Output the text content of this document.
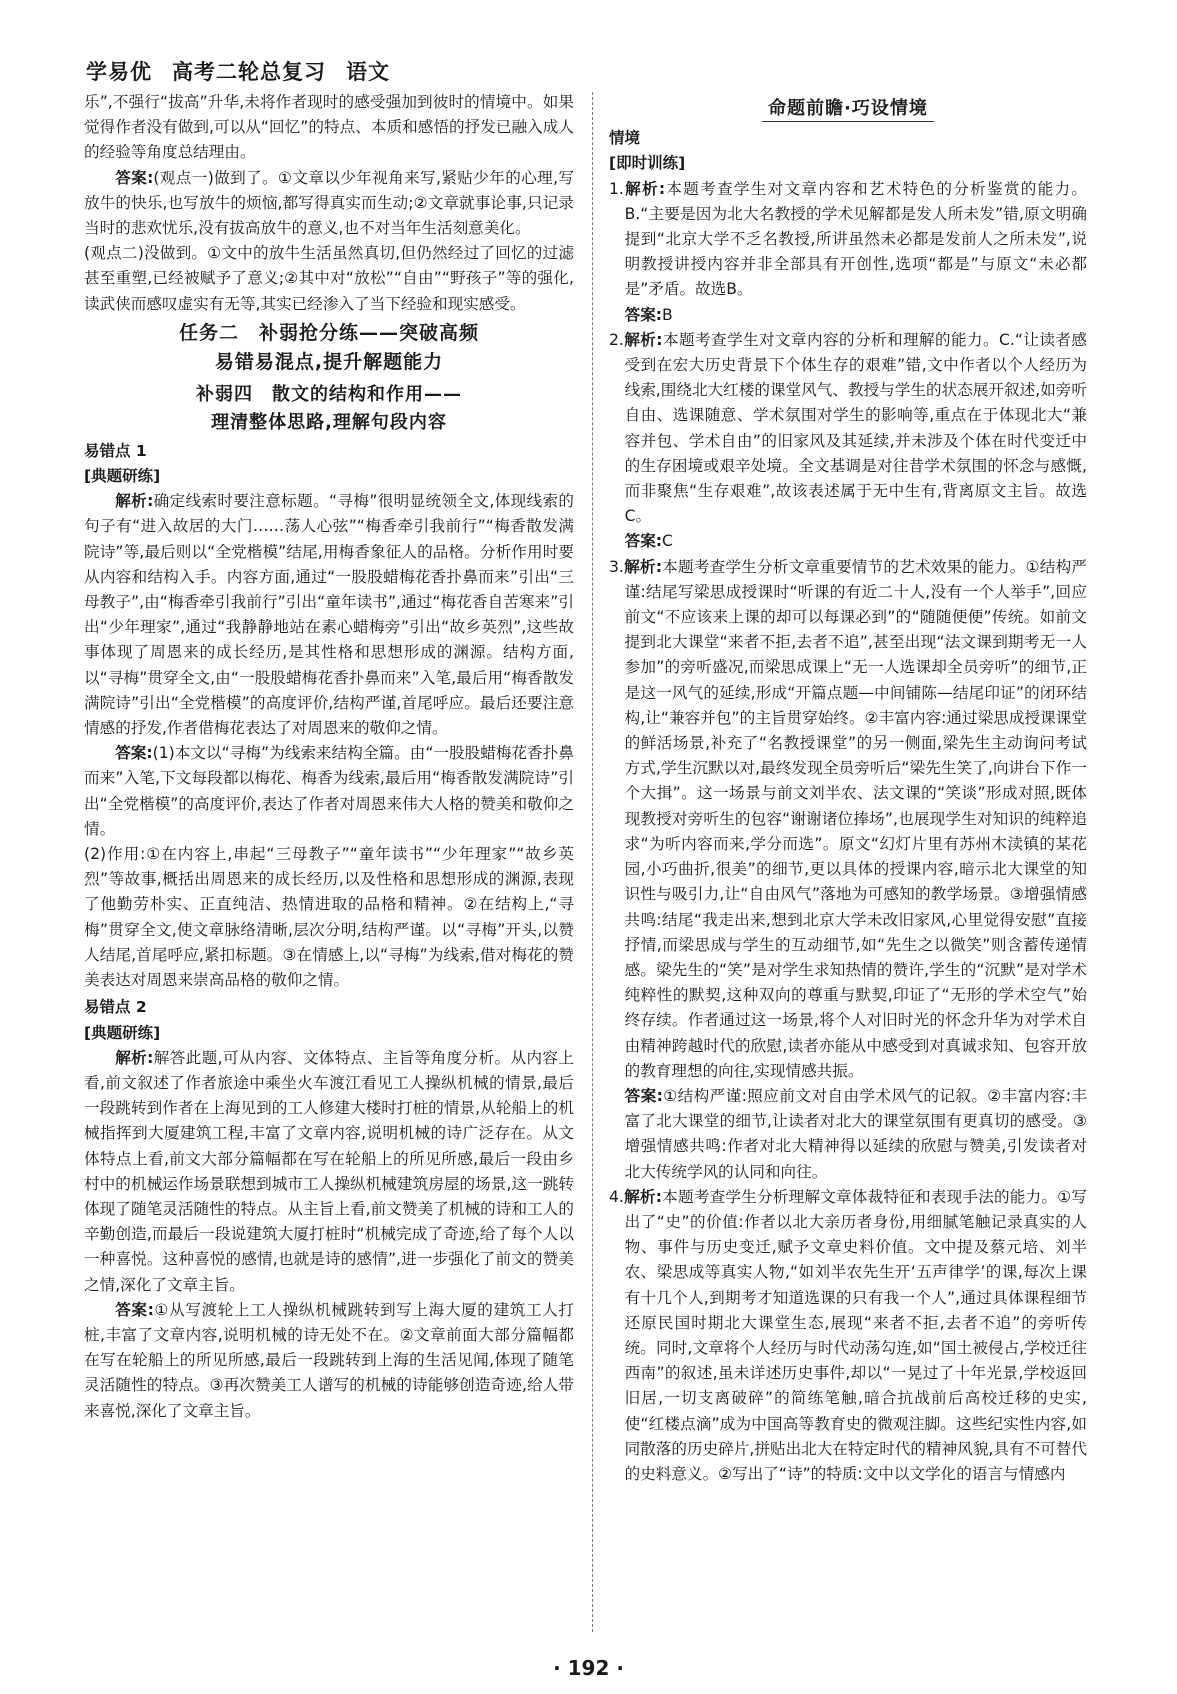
学易优 高考二轮总复习 语文

乐”,不强行“拔高”升华,未将作者现时的感受强加到彼时的情境中。如果觉得作者没有做到,可以从“回忆”的特点、本质和感悟的抒发已融入成人的经验等角度总结理由。

答案:(观点一)做到了。①文章以少年视角来写,紧贴少年的心理,写放牛的快乐,也写放牛的烦恼,都写得真实而生动;②文章就事论事,只记录当时的悲欢忧乐,没有拔高放牛的意义,也不对当年生活刻意美化。

(观点二)没做到。①文中的放牛生活虽然真切,但仍然经过了回忆的过滤甚至重塑,已经被赋予了意义;②其中对“放松”“自由”“野孩子”等的强化,读武侠而感叹虚实有无等,其实已经渗入了当下经验和现实感受。

任务二　补弱抢分练——突破高频
易错易混点,提升解题能力
补弱四　散文的结构和作用——
理清整体思路,理解句段内容
易错点 1
[典题研练]

解析:确定线索时要注意标题。“寻梅”很明显统领全文,体现线索的句子有“进入故居的大门……荡人心弦”“梅香牵引我前行”“梅香散发满院诗”等,最后则以“全党楷模”结尾,用梅香象征人的品格。分析作用时要从内容和结构入手。内容方面,通过“一股股蜡梅花香扑鼻而来”引出“三母教子”,由“梅香牵引我前行”引出“童年读书”,通过“梅花香自苦寒来”引出“少年理家”,通过“我静静地站在素心蜡梅旁”引出“故乡英烈”,这些故事体现了周恩来的成长经历,是其性格和思想形成的渊源。结构方面,以“寻梅”贯穿全文,由“一股股蜡梅花香扑鼻而来”入笔,最后用“梅香散发满院诗”引出“全党楷模”的高度评价,结构严谨,首尾呼应。最后还要注意情感的抒发,作者借梅花表达了对周恩来的敬仰之情。

答案:(1)本文以“寻梅”为线索来结构全篇。由“一股股蜡梅花香扑鼻而来”入笔,下文每段都以梅花、梅香为线索,最后用“梅香散发满院诗”引出“全党楷模”的高度评价,表达了作者对周恩来伟大人格的赞美和敬仰之情。

(2)作用:①在内容上,串起“三母教子”“童年读书”“少年理家”“故乡英烈”等故事,概括出周恩来的成长经历,以及性格和思想形成的渊源,表现了他勤劳朴实、正直纯洁、热情进取的品格和精神。②在结构上,“寻梅”贯穿全文,使文章脉络清晰,层次分明,结构严谨。以“寻梅”开头,以赞人结尾,首尾呼应,紧扣标题。③在情感上,以“寻梅”为线索,借对梅花的赞美表达对周恩来崇高品格的敬仰之情。

易错点 2
[典题研练]

解析:解答此题,可从内容、文体特点、主旨等角度分析。从内容上看,前文叙述了作者旅途中乘坐火车渡江看见工人操纵机械的情景,最后一段跳转到作者在上海见到的工人修建大楼时打桩的情景,从轮船上的机械指挥到大厦建筑工程,丰富了文章内容,说明机械的诗广泛存在。从文体特点上看,前文大部分篇幅都在写在轮船上的所见所感,最后一段由乡村中的机械运作场景联想到城市工人操纵机械建筑房屋的场景,这一跳转体现了随笔灵活随性的特点。从主旨上看,前文赞美了机械的诗和工人的辛勤创造,而最后一段说建筑大厦打桩时“机械完成了奇迹,给了每个人以一种喜悦。这种喜悦的感情,也就是诗的感情”,进一步强化了前文的赞美之情,深化了文章主旨。

答案:①从写渡轮上工人操纵机械跳转到写上海大厦的建筑工人打桩,丰富了文章内容,说明机械的诗无处不在。②文章前面大部分篇幅都在写在轮船上的所见所感,最后一段跳转到上海的生活见闻,体现了随笔灵活随性的特点。③再次赞美工人谱写的机械的诗能够创造奇迹,给人带来喜悦,深化了文章主旨。

命题前瞻·巧设情境
情境
[即时训练]

1.解析:本题考查学生对文章内容和艺术特色的分析鉴赏的能力。B.“主要是因为北大名教授的学术见解都是发人所未发”错,原文明确提到“北京大学不乏名教授,所讲虽然未必都是发前人之所未发”,说明教授讲授内容并非全部具有开创性,选项“都是”与原文“未必都是”矛盾。故选B。

答案:B

2.解析:本题考查学生对文章内容的分析和理解的能力。C.“让读者感受到在宏大历史背景下个体生存的艰难”错,文中作者以个人经历为线索,围绕北大红楼的课堂风气、教授与学生的状态展开叙述,如旁听自由、选课随意、学术氛围对学生的影响等,重点在于体现北大“兼容并包、学术自由”的旧家风及其延续,并未涉及个体在时代变迁中的生存困境或艰辛处境。全文基调是对往昔学术氛围的怀念与感慨,而非聚焦“生存艰难”,故该表述属于无中生有,背离原文主旨。故选C。

答案:C

3.解析:本题考查学生分析文章重要情节的艺术效果的能力。①结构严谨:结尾写梁思成授课时“听课的有近二十人,没有一个人举手”,回应前文“不应该来上课的却可以每课必到”的“随随便便”传统。如前文提到北大课堂“来者不拒,去者不追”,甚至出现“法文课到期考无一人参加”的旁听盛况,而梁思成课上“无一人选课却全员旁听”的细节,正是这一风气的延续,形成“开篇点题—中间铺陈—结尾印证”的闭环结构,让“兼容并包”的主旨贯穿始终。②丰富内容:通过梁思成授课课堂的鲜活场景,补充了“名教授课堂”的另一侧面,梁先生主动询问考试方式,学生沉默以对,最终发现全员旁听后“梁先生笑了,向讲台下作一个大揖”。这一场景与前文刘半农、法文课的“笑谈”形成对照,既体现教授对旁听生的包容“谢谢诸位捧场”,也展现学生对知识的纯粹追求“为听内容而来,学分而选”。原文“幻灯片里有苏州木渎镇的某花园,小巧曲折,很美”的细节,更以具体的授课内容,暗示北大课堂的知识性与吸引力,让“自由风气”落地为可感知的教学场景。③增强情感共鸣:结尾“我走出来,想到北京大学未改旧家风,心里觉得安慰”直接抒情,而梁思成与学生的互动细节,如“先生之以微笑”则含蓄传递情感。梁先生的“笑”是对学生求知热情的赞许,学生的“沉默”是对学术纯粹性的默契,这种双向的尊重与默契,印证了“无形的学术空气”始终存续。作者通过这一场景,将个人对旧时光的怀念升华为对学术自由精神跨越时代的欣慰,读者亦能从中感受到对真诚求知、包容开放的教育理想的向往,实现情感共振。

答案:①结构严谨:照应前文对自由学术风气的记叙。②丰富内容:丰富了北大课堂的细节,让读者对北大的课堂氛围有更真切的感受。③增强情感共鸣:作者对北大精神得以延续的欣慰与赞美,引发读者对北大传统学风的认同和向往。

4.解析:本题考查学生分析理解文章体裁特征和表现手法的能力。①写出了“史”的价值:作者以北大亲历者身份,用细腻笔触记录真实的人物、事件与历史变迁,赋予文章史料价值。文中提及蔡元培、刘半农、梁思成等真实人物,“如刘半农先生开‘五声律学’的课,每次上课有十几个人,到期考才知道选课的只有我一个人”,通过具体课程细节还原民国时期北大课堂生态,展现“来者不拒,去者不追”的旁听传统。同时,文章将个人经历与时代动荡勾连,如“国土被侵占,学校迁往西南”的叙述,虽未详述历史事件,却以“一晃过了十年光景,学校返回旧居,一切支离破碎”的简练笔触,暗合抗战前后高校迁移的史实,使“红楼点滴”成为中国高等教育史的微观注脚。这些纪实性内容,如同散落的历史碎片,拼贴出北大在特定时代的精神风貌,具有不可替代的史料意义。②写出了“诗”的特质:文中以文学化的语言与情感内

· 192 ·
